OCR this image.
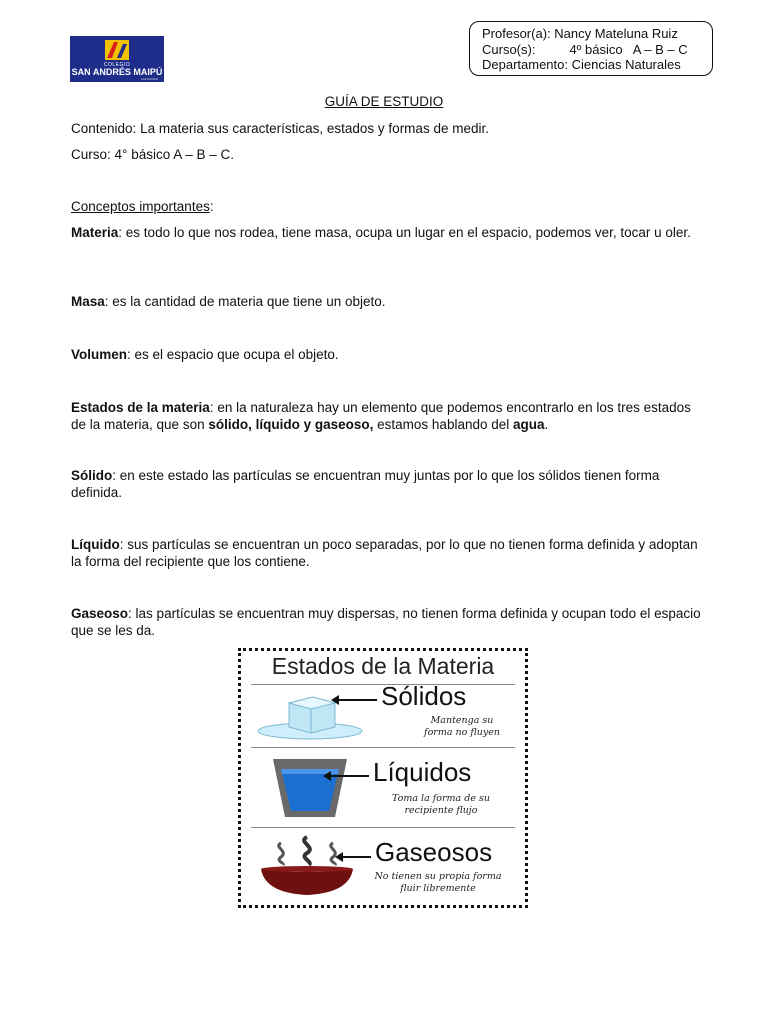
COLEGIO
SAN ANDRÉS MAIPÚ
LAS ROSAS
Profesor(a): Nancy Mateluna Ruiz
Curso(s):	4º básico   A – B – C
Departamento: Ciencias Naturales
GUÍA DE ESTUDIO
Contenido: La materia sus características, estados y formas de medir.
Curso: 4° básico A – B – C.
Conceptos importantes:
Materia: es todo lo que nos rodea, tiene masa, ocupa un lugar en el espacio, podemos ver, tocar u oler.
Masa: es la cantidad de materia que tiene un objeto.
Volumen: es el espacio que ocupa el objeto.
Estados de la materia: en la naturaleza hay un elemento que podemos encontrarlo en los tres estados de la materia, que son sólido, líquido y gaseoso, estamos hablando del agua.
Sólido: en este estado las partículas se encuentran muy juntas por lo que los sólidos tienen forma definida.
Líquido: sus partículas se encuentran un poco separadas, por lo que no tienen forma definida y adoptan la forma del recipiente que los contiene.
Gaseoso: las partículas se encuentran muy dispersas, no tienen forma definida y ocupan todo el espacio que se les da.
Estados de la Materia
Sólidos
Mantenga su
forma no fluyen
Líquidos
Toma la forma de su
recipiente flujo
Gaseosos
No tienen su propia forma
fluir libremente
